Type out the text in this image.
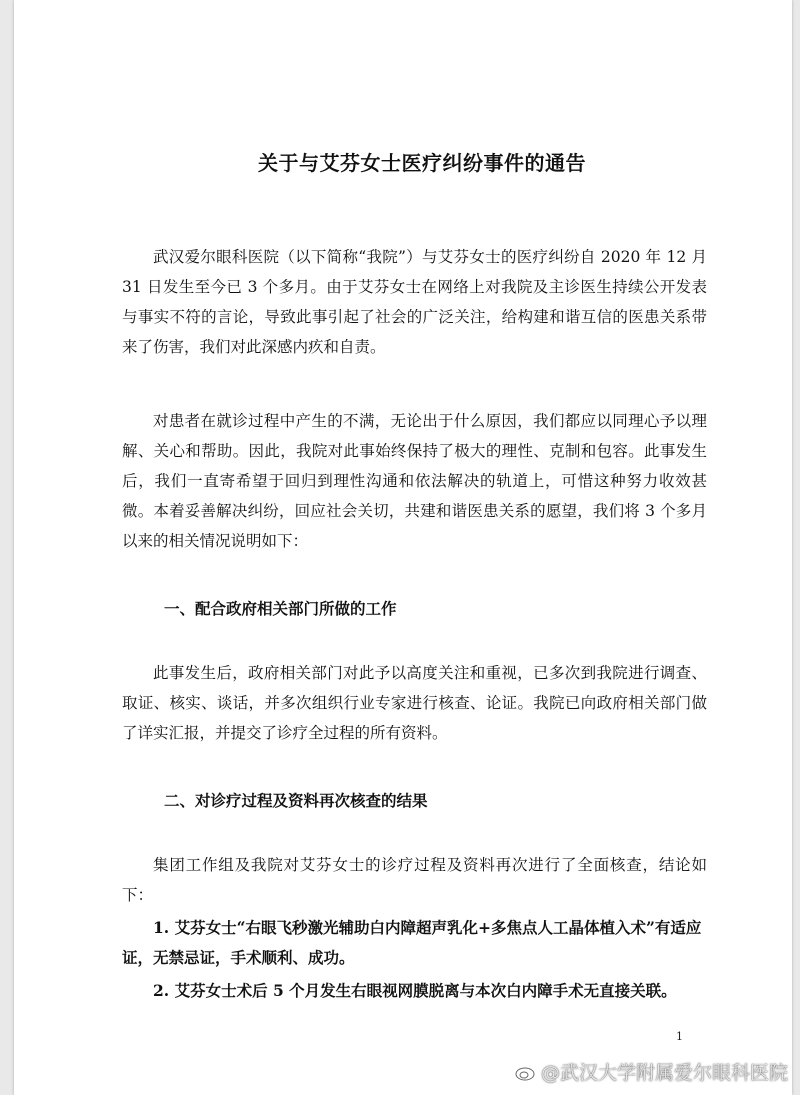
关于与艾芬女士医疗纠纷事件的通告

武汉爱尔眼科医院（以下简称“我院”）与艾芬女士的医疗纠纷自 2020 年 12 月 31 日发生至今已 3 个多月。由于艾芬女士在网络上对我院及主诊医生持续公开发表与事实不符的言论，导致此事引起了社会的广泛关注，给构建和谐互信的医患关系带来了伤害，我们对此深感内疚和自责。

对患者在就诊过程中产生的不满，无论出于什么原因，我们都应以同理心予以理解、关心和帮助。因此，我院对此事始终保持了极大的理性、克制和包容。此事发生后，我们一直寄希望于回归到理性沟通和依法解决的轨道上，可惜这种努力收效甚微。本着妥善解决纠纷，回应社会关切，共建和谐医患关系的愿望，我们将 3 个多月以来的相关情况说明如下：

一、配合政府相关部门所做的工作

此事发生后，政府相关部门对此予以高度关注和重视，已多次到我院进行调查、取证、核实、谈话，并多次组织行业专家进行核查、论证。我院已向政府相关部门做了详实汇报，并提交了诊疗全过程的所有资料。

二、对诊疗过程及资料再次核查的结果

集团工作组及我院对艾芬女士的诊疗过程及资料再次进行了全面核查，结论如下：

1. 艾芬女士“右眼飞秒激光辅助白内障超声乳化+多焦点人工晶体植入术”有适应证，无禁忌证，手术顺利、成功。

2. 艾芬女士术后 5 个月发生右眼视网膜脱离与本次白内障手术无直接关联。

1
@武汉大学附属爱尔眼科医院
